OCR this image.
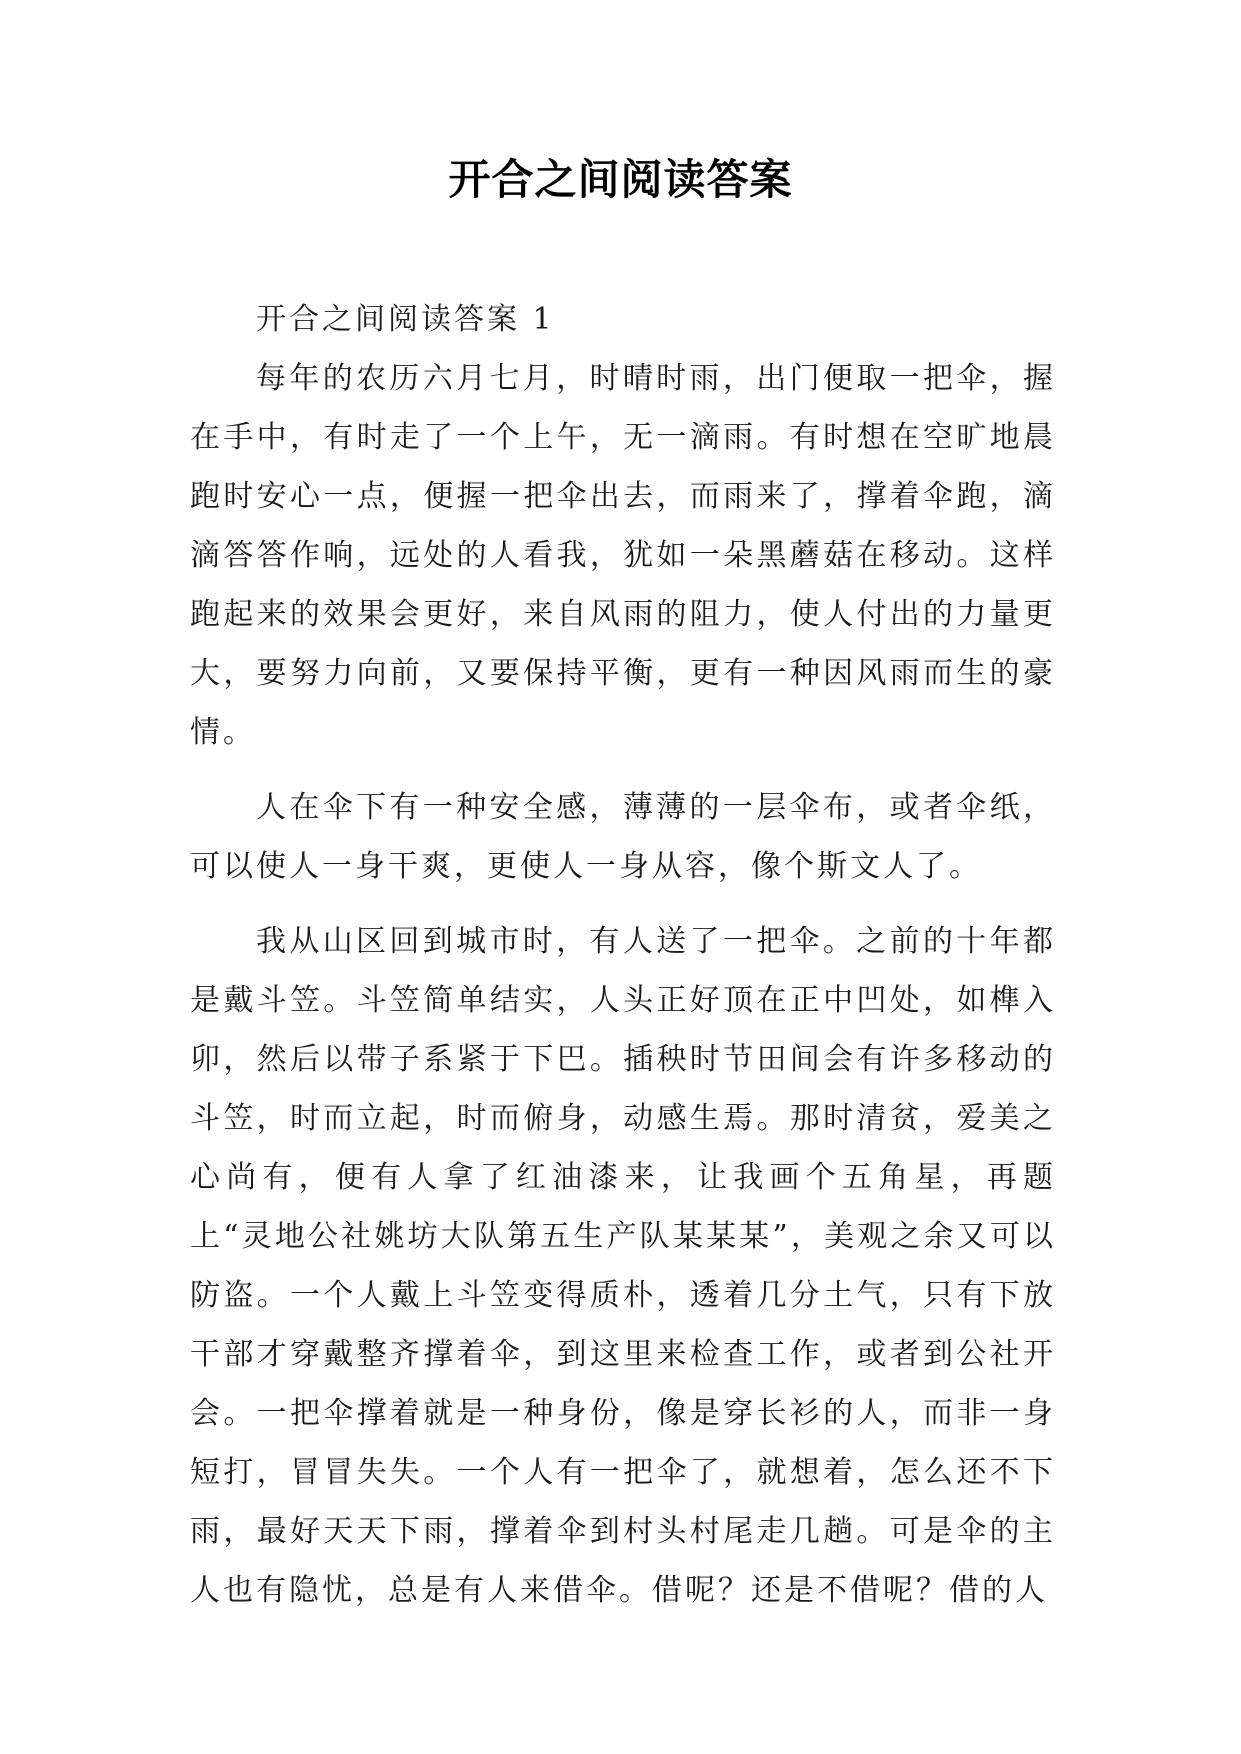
开合之间阅读答案

开合之间阅读答案 1

每年的农历六月七月，时晴时雨，出门便取一把伞，握在手中，有时走了一个上午，无一滴雨。有时想在空旷地晨跑时安心一点，便握一把伞出去，而雨来了，撑着伞跑，滴滴答答作响，远处的人看我，犹如一朵黑蘑菇在移动。这样跑起来的效果会更好，来自风雨的阻力，使人付出的力量更大，要努力向前，又要保持平衡，更有一种因风雨而生的豪情。

人在伞下有一种安全感，薄薄的一层伞布，或者伞纸，可以使人一身干爽，更使人一身从容，像个斯文人了。

我从山区回到城市时，有人送了一把伞。之前的十年都是戴斗笠。斗笠简单结实，人头正好顶在正中凹处，如榫入卯，然后以带子系紧于下巴。插秧时节田间会有许多移动的斗笠，时而立起，时而俯身，动感生焉。那时清贫，爱美之心尚有，便有人拿了红油漆来，让我画个五角星，再题上“灵地公社姚坊大队第五生产队某某某”，美观之余又可以防盗。一个人戴上斗笠变得质朴，透着几分土气，只有下放干部才穿戴整齐撑着伞，到这里来检查工作，或者到公社开会。一把伞撑着就是一种身份，像是穿长衫的人，而非一身短打，冒冒失失。一个人有一把伞了，就想着，怎么还不下雨，最好天天下雨，撑着伞到村头村尾走几趟。可是伞的主人也有隐忧，总是有人来借伞。借呢？还是不借呢？借的人
